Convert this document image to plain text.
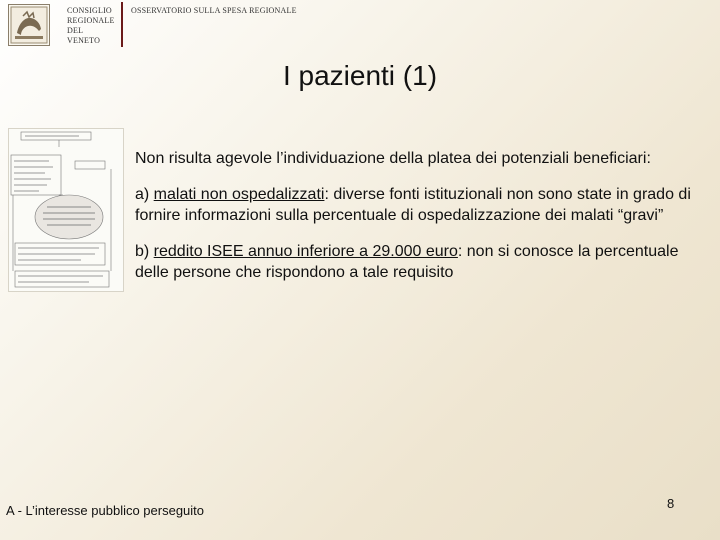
CONSIGLIO
REGIONALE
DEL
VENETO
OSSERVATORIO SULLA SPESA REGIONALE
I pazienti (1)

Non risulta agevole l’individuazione della platea dei potenziali beneficiari:

a) malati non ospedalizzati: diverse fonti istituzionali non sono state in grado di fornire informazioni sulla percentuale di ospedalizzazione dei malati “gravi”

b) reddito ISEE annuo inferiore a 29.000 euro: non si conosce la percentuale delle persone che rispondono a tale requisito

A - L’interesse pubblico perseguito	8
